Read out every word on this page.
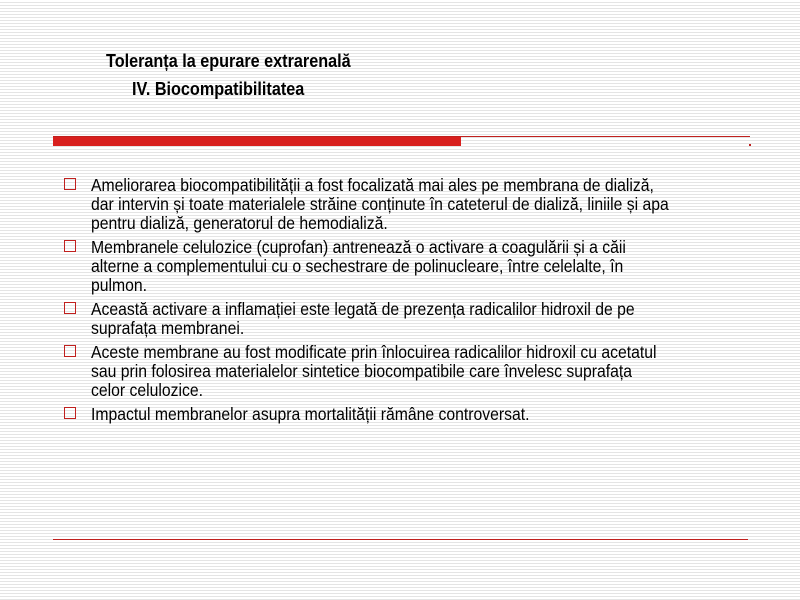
Toleranța la epurare extrarenală
IV. Biocompatibilitatea
Ameliorarea biocompatibilității a fost focalizată mai ales pe membrana de dializă,
dar intervin și toate materialele străine conținute în cateterul de dializă, liniile și apa
pentru dializă, generatorul de hemodializă.
Membranele celulozice (cuprofan) antrenează o activare a coagulării și a căii
alterne a complementului cu o sechestrare de polinucleare, între celelalte, în
pulmon.
Această activare a inflamației este legată de prezența radicalilor hidroxil de pe
suprafața membranei.
Aceste membrane au fost modificate prin înlocuirea radicalilor hidroxil cu acetatul
sau prin folosirea materialelor sintetice biocompatibile care învelesc suprafața
celor celulozice.
Impactul membranelor asupra mortalității rămâne controversat.
